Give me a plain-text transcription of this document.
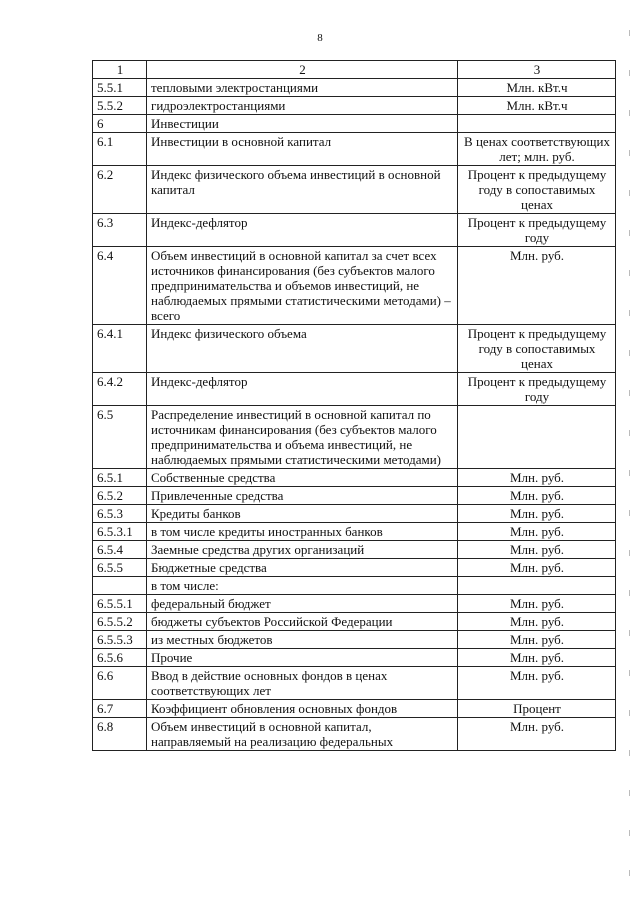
8
1	2	3
5.5.1	тепловыми электростанциями	Млн. кВт.ч
5.5.2	гидроэлектростанциями	Млн. кВт.ч
6	Инвестиции	
6.1	Инвестиции в основной капитал	В ценах соответствующих лет; млн. руб.
6.2	Индекс физического объема инвестиций в основной капитал	Процент к предыдущему году в сопоставимых ценах
6.3	Индекс-дефлятор	Процент к предыдущему году
6.4	Объем инвестиций в основной капитал за счет всех источников финансирования (без субъектов малого предпринимательства и объемов инвестиций, не наблюдаемых прямыми статистическими методами) – всего	Млн. руб.
6.4.1	Индекс физического объема	Процент к предыдущему году в сопоставимых ценах
6.4.2	Индекс-дефлятор	Процент к предыдущему году
6.5	Распределение инвестиций в основной капитал по источникам финансирования (без субъектов малого предпринимательства и объема инвестиций, не наблюдаемых прямыми статистическими методами)	
6.5.1	Собственные средства	Млн. руб.
6.5.2	Привлеченные средства	Млн. руб.
6.5.3	Кредиты банков	Млн. руб.
6.5.3.1	в том числе кредиты иностранных банков	Млн. руб.
6.5.4	Заемные средства других организаций	Млн. руб.
6.5.5	Бюджетные средства	Млн. руб.
	в том числе:	
6.5.5.1	федеральный бюджет	Млн. руб.
6.5.5.2	бюджеты субъектов Российской Федерации	Млн. руб.
6.5.5.3	из местных бюджетов	Млн. руб.
6.5.6	Прочие	Млн. руб.
6.6	Ввод в действие основных фондов в ценах соответствующих лет	Млн. руб.
6.7	Коэффициент обновления основных фондов	Процент
6.8	Объем инвестиций в основной капитал, направляемый на реализацию федеральных	Млн. руб.
